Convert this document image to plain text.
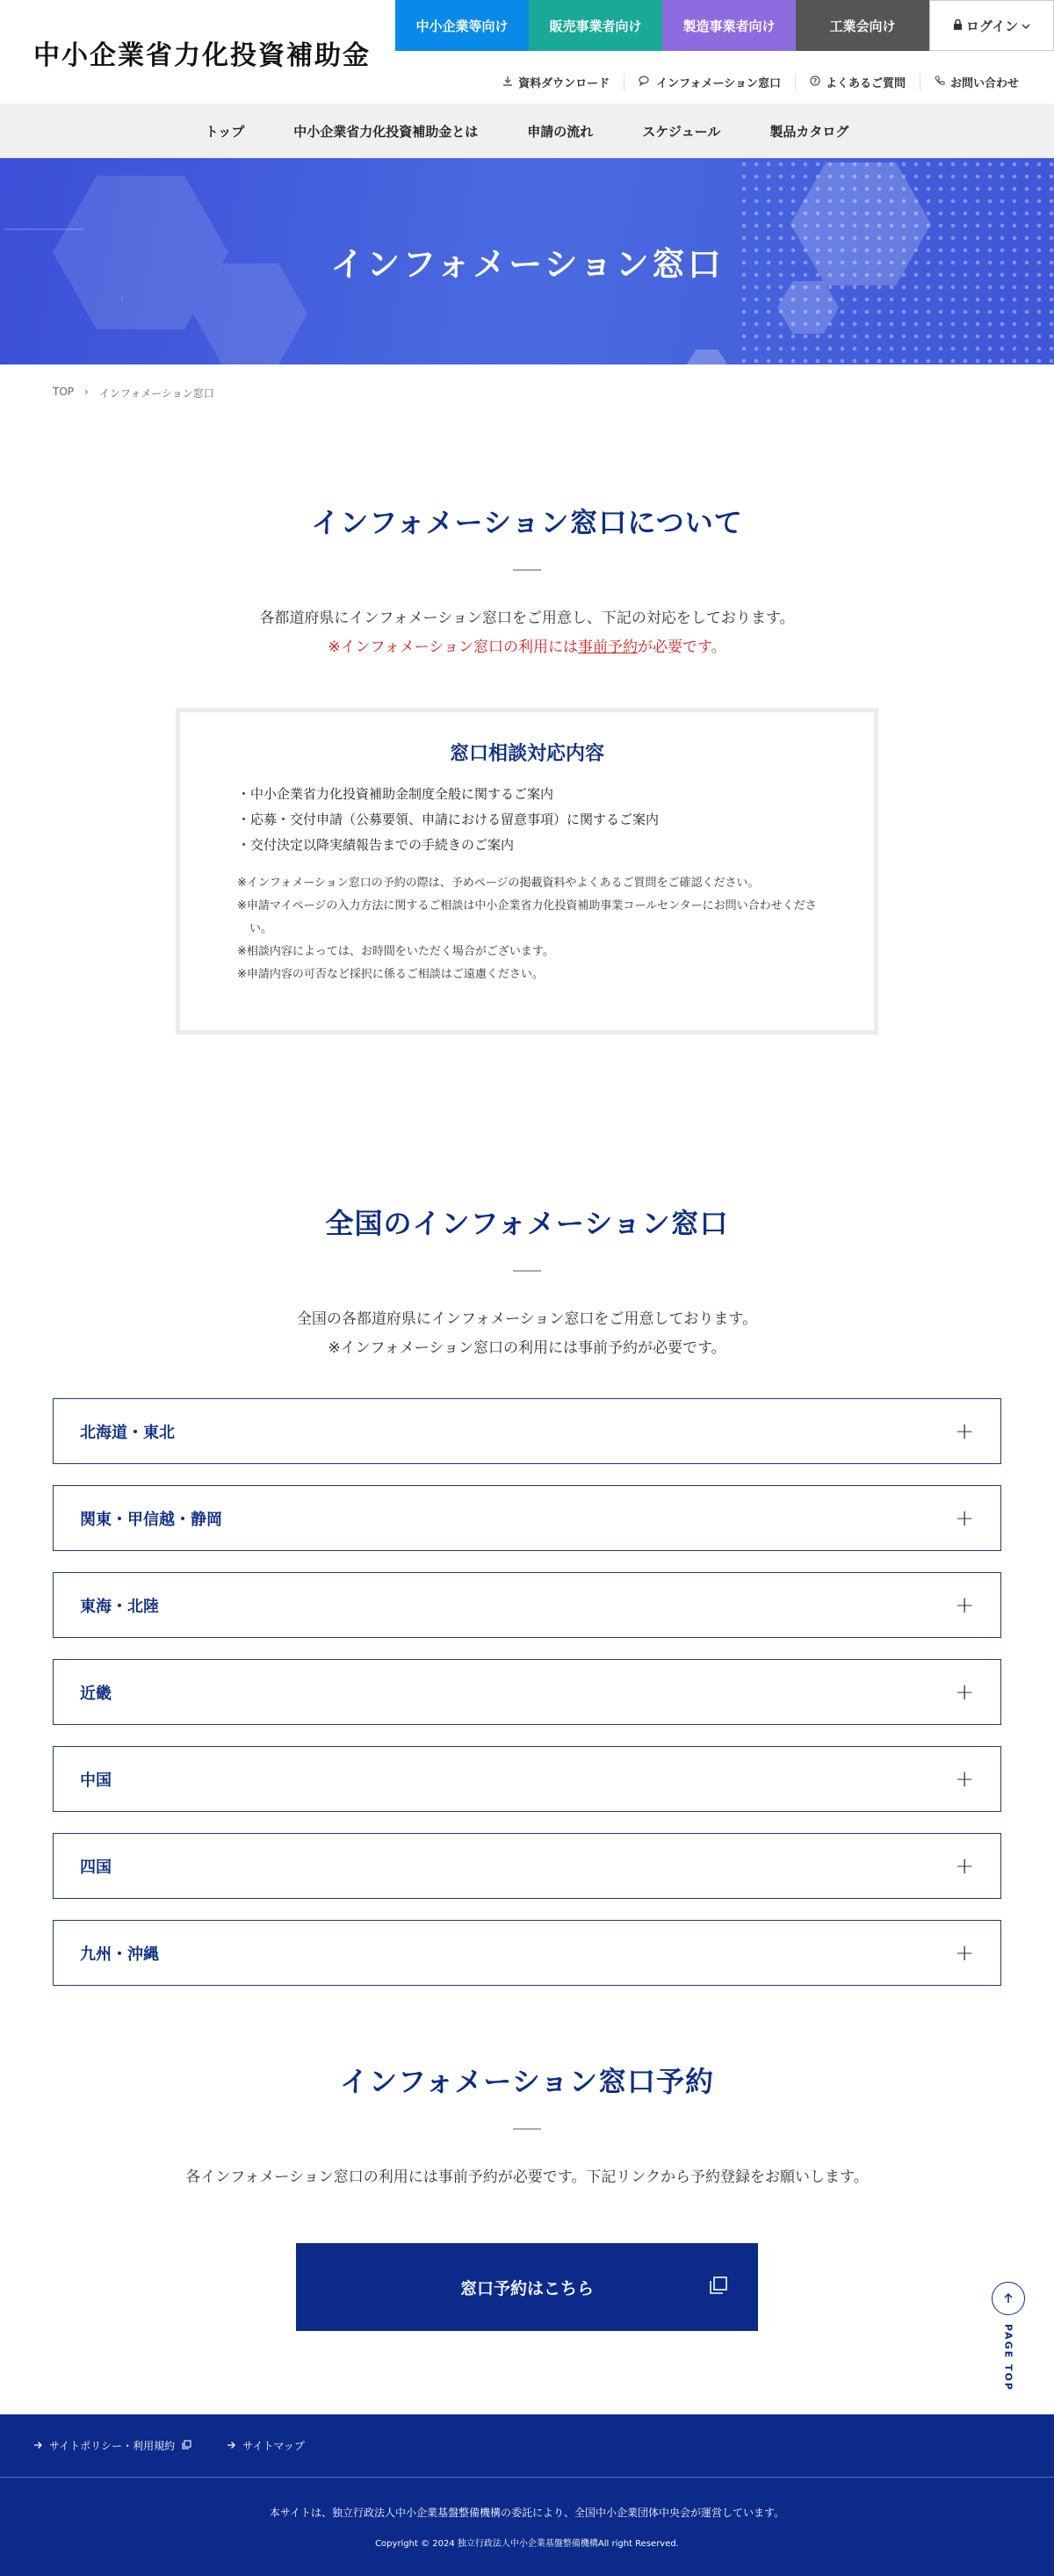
中小企業省力化投資補助金
中小企業等向け	販売事業者向け	製造事業者向け	工業会向け	ログイン
資料ダウンロード	インフォメーション窓口	? よくあるご質問	お問い合わせ
トップ	中小企業省力化投資補助金とは	申請の流れ	スケジュール	製品カタログ
インフォメーション窓口
TOP › インフォメーション窓口
インフォメーション窓口について

各都道府県にインフォメーション窓口をご用意し、下記の対応をしております。

※インフォメーション窓口の利用には事前予約が必要です。

窓口相談対応内容

・ 中小企業省力化投資補助金制度全般に関するご案内

・ 応募・交付申請（公募要領、申請における留意事項）に関するご案内

・ 交付決定以降実績報告までの手続きのご案内

※インフォメーション窓口の予約の際は、予めページの掲載資料やよくあるご質問をご確認ください。

※申請マイページの入力方法に関するご相談は中小企業省力化投資補助事業コールセンターにお問い合わせください。

※相談内容によっては、お時間をいただく場合がございます。

※申請内容の可否など採択に係るご相談はご遠慮ください。

全国のインフォメーション窓口

全国の各都道府県にインフォメーション窓口をご用意しております。

※インフォメーション窓口の利用には事前予約が必要です。

北海道・東北	+
関東・甲信越・静岡	+
東海・北陸	+
近畿	+
中国	+
四国	+
九州・沖縄	+
インフォメーション窓口予約

各インフォメーション窓口の利用には事前予約が必要です。下記リンクから予約登録をお願いします。

窓口予約はこちら
PAGE TOP
サイトポリシー・利用規約	サイトマップ

本サイトは、独立行政法人中小企業基盤整備機構の委託により、全国中小企業団体中央会が運営しています。

Copyright © 2024 独立行政法人中小企業基盤整備機構All right Reserved.
